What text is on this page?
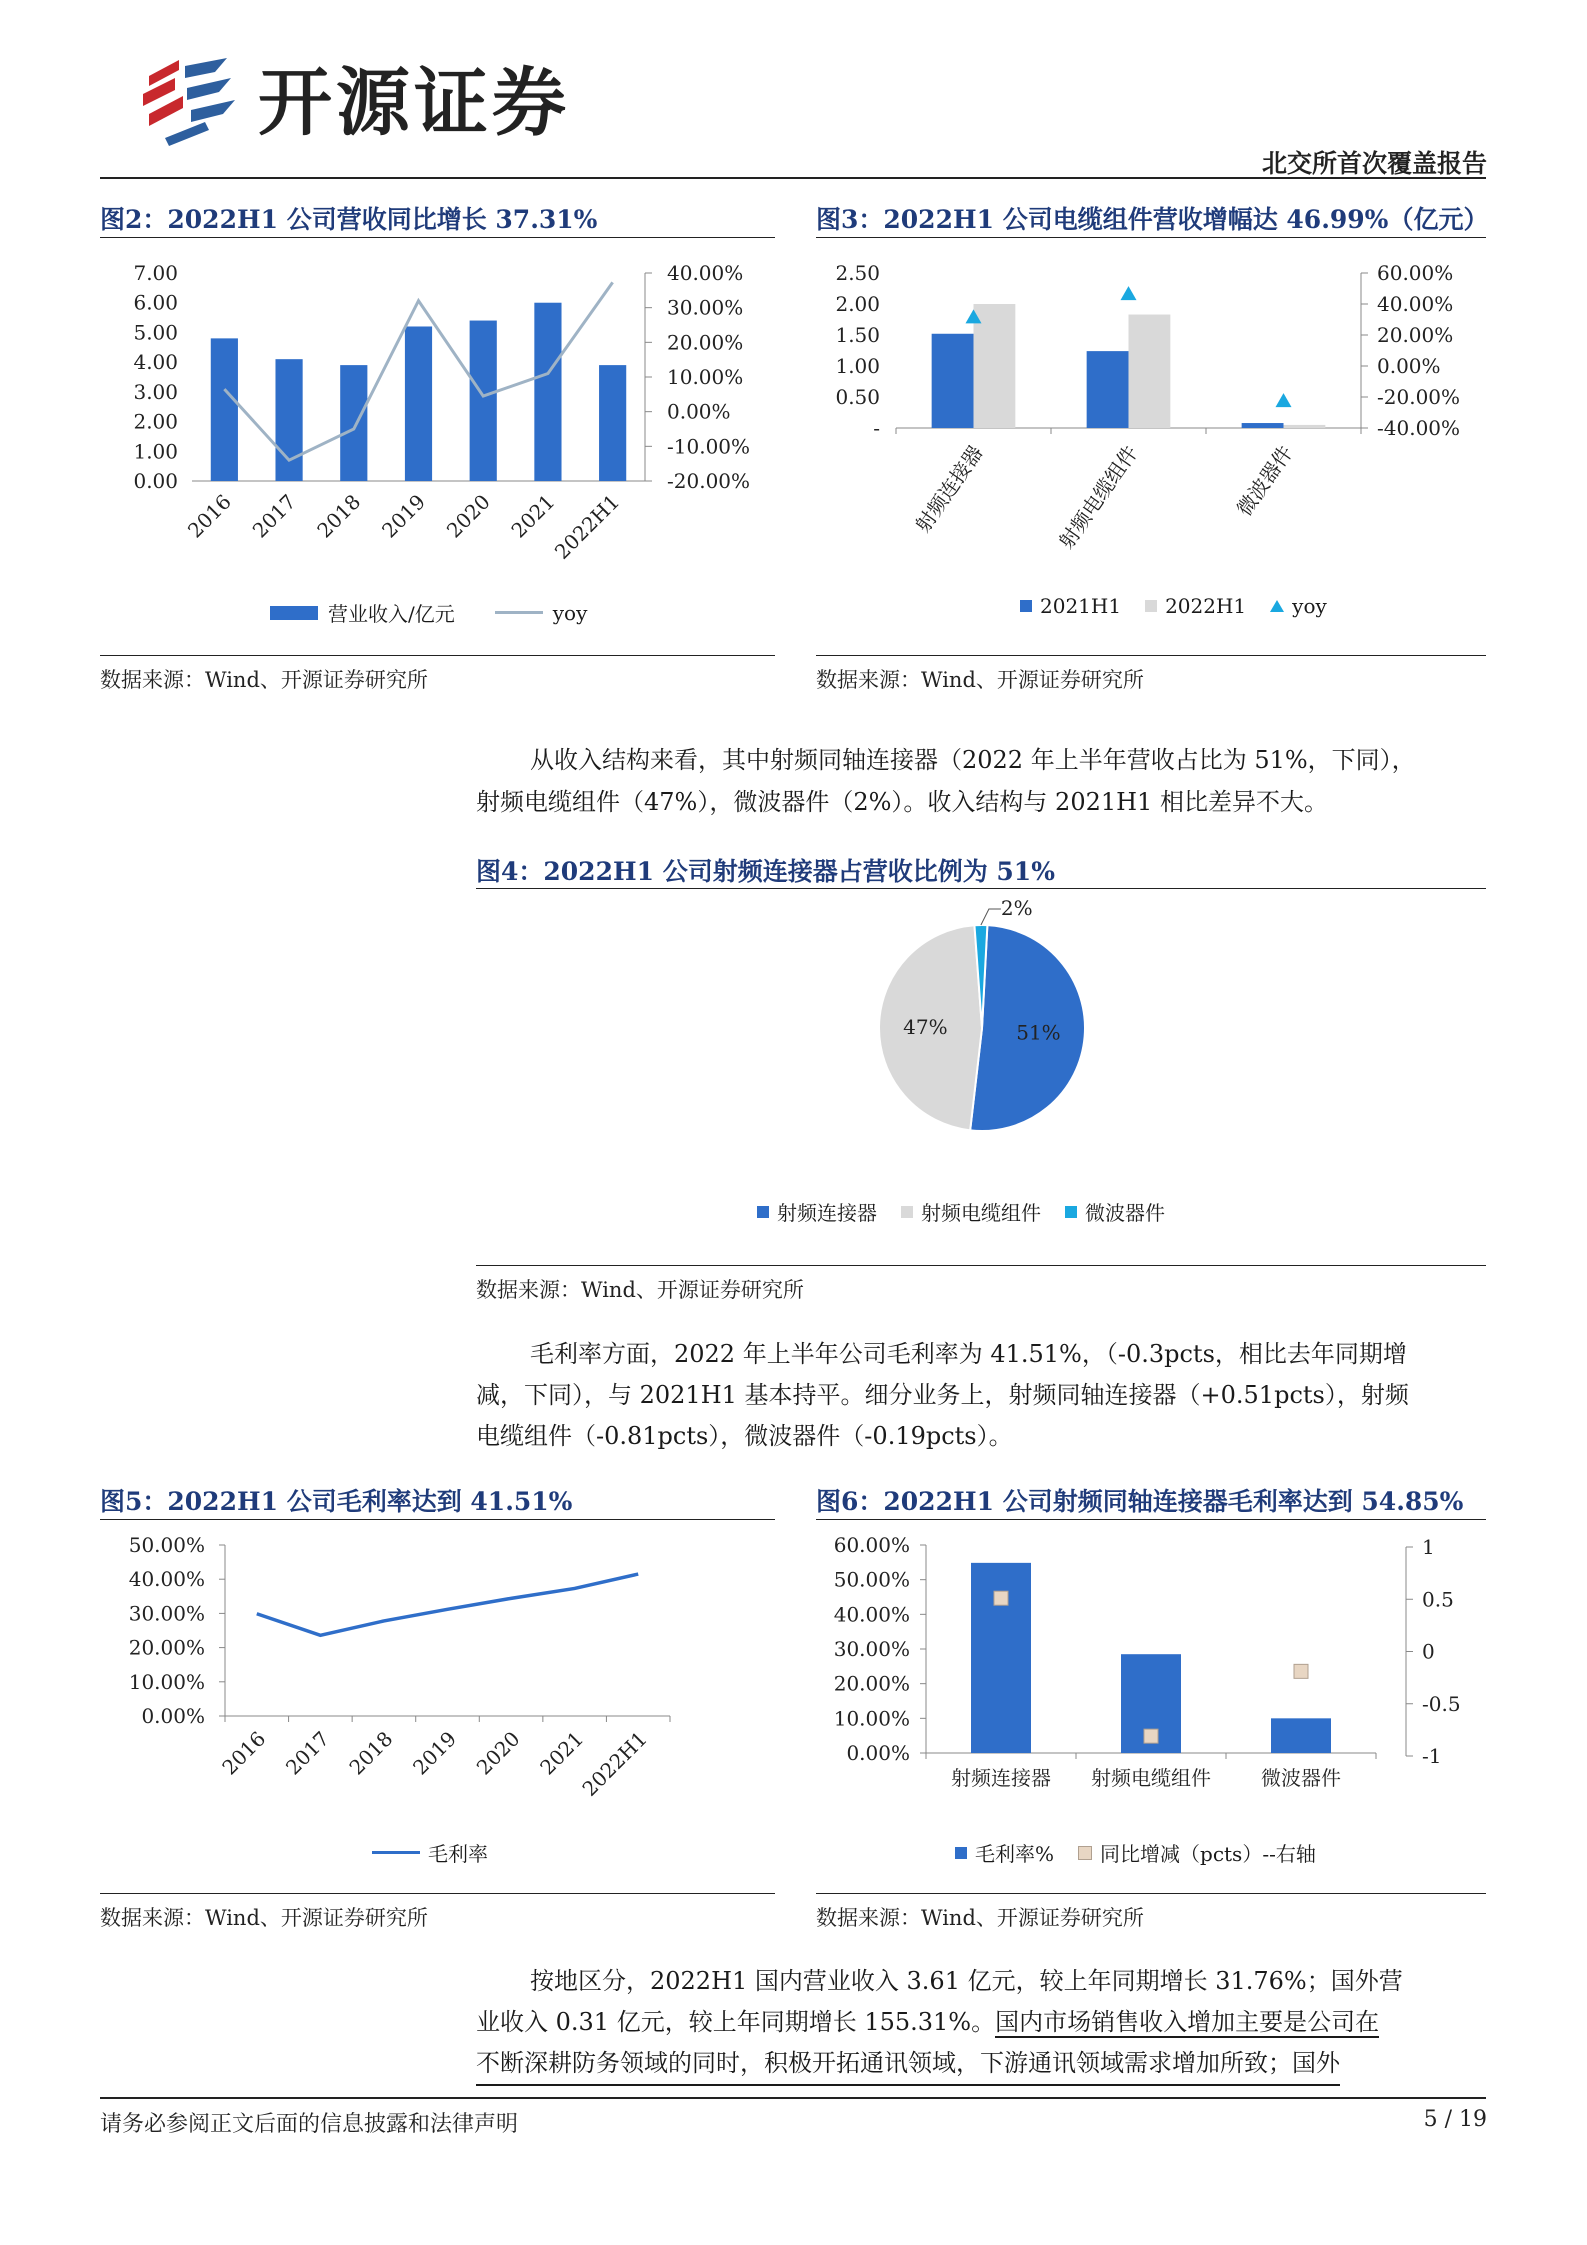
开源证券
北交所首次覆盖报告
图2：2022H1 公司营收同比增长 37.31%
7.00
6.00
5.00
4.00
3.00
2.00
1.00
0.00
40.00%
30.00%
20.00%
10.00%
0.00%
-10.00%
-20.00%
2016 2017 2018 2019 2020 2021
2022H1
营业收入/亿元	yoy
数据来源：Wind、开源证券研究所
图3：2022H1 公司电缆组件营收增幅达 46.99%（亿元）
2.50
2.00
1.50
1.00
0.50
-
60.00%
40.00%
20.00%
0.00%
-20.00%
-40.00%
射频连接器	射频电缆组件	微波器件
2021H1 2022H1 yoy
数据来源：Wind、开源证券研究所
从收入结构来看，其中射频同轴连接器（2022 年上半年营收占比为 51%，下同），
射频电缆组件（47%），微波器件（2%）。收入结构与 2021H1 相比差异不大。
图4：2022H1 公司射频连接器占营收比例为 51%
51%
47%
2%
射频连接器 射频电缆组件 微波器件
数据来源：Wind、开源证券研究所
毛利率方面，2022 年上半年公司毛利率为 41.51%，（-0.3pcts，相比去年同期增
减，下同），与 2021H1 基本持平。细分业务上，射频同轴连接器（+0.51pcts），射频
电缆组件（-0.81pcts），微波器件（-0.19pcts）。
图5：2022H1 公司毛利率达到 41.51%
50.00%
40.00%
30.00%
20.00%
10.00%
0.00%
2016 2017 2018 2019 2020 2021
2022H1
毛利率
数据来源：Wind、开源证券研究所
图6：2022H1 公司射频同轴连接器毛利率达到 54.85%
60.00%
50.00%
40.00%
30.00%
20.00%
10.00%
0.00%
1
0.5
0
-0.5
-1
射频连接器 射频电缆组件	微波器件
毛利率% 同比增减（pcts）--右轴
数据来源：Wind、开源证券研究所
按地区分，2022H1 国内营业收入 3.61 亿元，较上年同期增长 31.76%；国外营
业收入 0.31 亿元，较上年同期增长 155.31%。国内市场销售收入增加主要是公司在
不断深耕防务领域的同时，积极开拓通讯领域，下游通讯领域需求增加所致；国外
请务必参阅正文后面的信息披露和法律声明	5 / 19
